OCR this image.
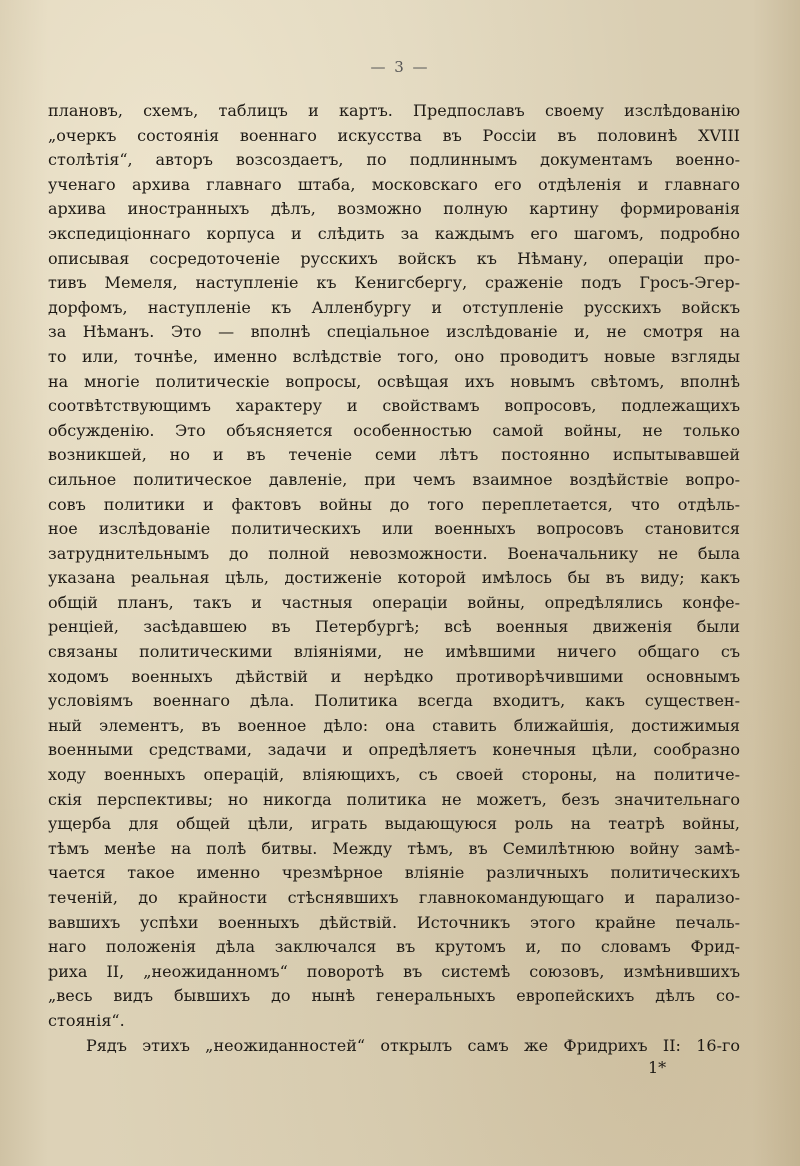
— 3 —
плановъ, схемъ, таблицъ и картъ. Предпославъ своему изслѣдованію
„очеркъ состоянія военнаго искусства въ Россіи въ половинѣ XVIII
столѣтія“, авторъ возсоздаетъ, по подлиннымъ документамъ военно-
ученаго архива главнаго штаба, московскаго его отдѣленія и главнаго
архива иностранныхъ дѣлъ, возможно полную картину формированія
экспедиціоннаго корпуса и слѣдить за каждымъ его шагомъ, подробно
описывая сосредоточеніе русскихъ войскъ къ Нѣману, операціи про-
тивъ Мемеля, наступленіе къ Кенигсбергу, сраженіе подъ Гросъ-Эгер-
дорфомъ, наступленіе къ Алленбургу и отступленіе русскихъ войскъ
за Нѣманъ. Это — вполнѣ спеціальное изслѣдованіе и, не смотря на
то или, точнѣе, именно вслѣдствіе того, оно проводитъ новые взгляды
на многіе политическіе вопросы, освѣщая ихъ новымъ свѣтомъ, вполнѣ
соотвѣтствующимъ характеру и свойствамъ вопросовъ, подлежащихъ
обсужденію. Это объясняется особенностью самой войны, не только
возникшей, но и въ теченіе семи лѣтъ постоянно испытывавшей
сильное политическое давленіе, при чемъ взаимное воздѣйствіе вопро-
совъ политики и фактовъ войны до того переплетается, что отдѣль-
ное изслѣдованіе политическихъ или военныхъ вопросовъ становится
затруднительнымъ до полной невозможности. Военачальнику не была
указана реальная цѣль, достиженіе которой имѣлось бы въ виду; какъ
общій планъ, такъ и частныя операціи войны, опредѣлялись конфе-
ренціей, засѣдавшею въ Петербургѣ; всѣ военныя движенія были
связаны политическими вліяніями, не имѣвшими ничего общаго съ
ходомъ военныхъ дѣйствій и нерѣдко противорѣчившими основнымъ
условіямъ военнаго дѣла. Политика всегда входитъ, какъ существен-
ный элементъ, въ военное дѣло: она ставить ближайшія, достижимыя
военными средствами, задачи и опредѣляетъ конечныя цѣли, сообразно
ходу военныхъ операцій, вліяющихъ, съ своей стороны, на политиче-
скія перспективы; но никогда политика не можетъ, безъ значительнаго
ущерба для общей цѣли, играть выдающуюся роль на театрѣ войны,
тѣмъ менѣе на полѣ битвы. Между тѣмъ, въ Семилѣтнюю войну замѣ-
чается такое именно чрезмѣрное вліяніе различныхъ политическихъ
теченій, до крайности стѣснявшихъ главнокомандующаго и парализо-
вавшихъ успѣхи военныхъ дѣйствій. Источникъ этого крайне печаль-
наго положенія дѣла заключался въ крутомъ и, по словамъ Фрид-
риха II, „неожиданномъ“ поворотѣ въ системѣ союзовъ, измѣнившихъ
„весь видъ бывшихъ до нынѣ генеральныхъ европейскихъ дѣлъ со-
стоянія“.
Рядъ этихъ „неожиданностей“ открылъ самъ же Фридрихъ II: 16-го
1*
